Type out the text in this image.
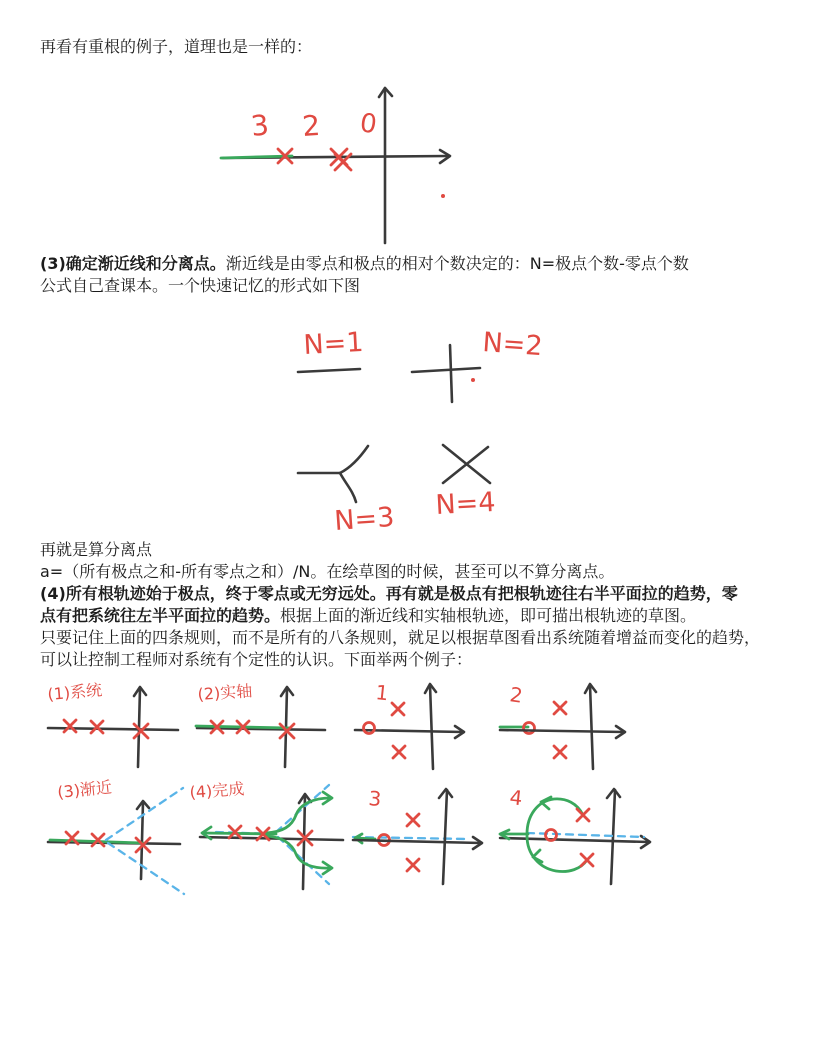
再看有重根的例子，道理也是一样的：
3 2 0
(3)确定渐近线和分离点。渐近线是由零点和极点的相对个数决定的：N=极点个数-零点个数
公式自己查课本。一个快速记忆的形式如下图
N=1	N=2
N=3 N=4
再就是算分离点
a=（所有极点之和-所有零点之和）/N。在绘草图的时候，甚至可以不算分离点。
(4)所有根轨迹始于极点，终于零点或无穷远处。再有就是极点有把根轨迹往右半平面拉的趋势，零
点有把系统往左半平面拉的趋势。根据上面的渐近线和实轴根轨迹，即可描出根轨迹的草图。
只要记住上面的四条规则，而不是所有的八条规则，就足以根据草图看出系统随着增益而变化的趋势，
可以让控制工程师对系统有个定性的认识。下面举两个例子：
(1)系统	(2)实轴	1	2
(3)渐近	(4)完成	3	4
